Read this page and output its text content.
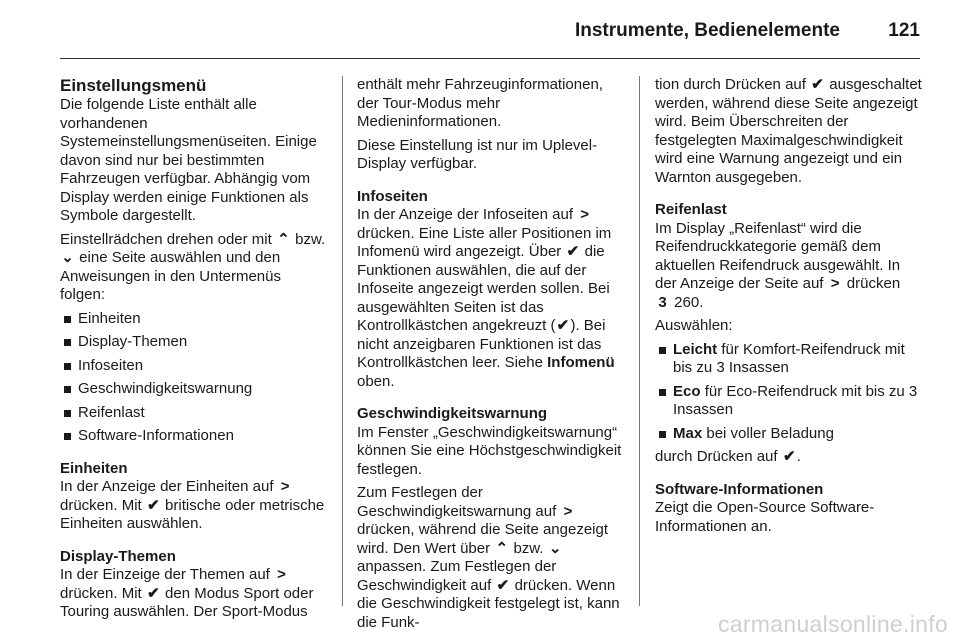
Instrumente, Bedienelemente	121
Einstellungsmenü

Die folgende Liste enthält alle vorhandenen Systemeinstellungsmenüseiten. Einige davon sind nur bei bestimmten Fahrzeugen verfügbar. Abhängig vom Display werden einige Funktionen als Symbole dargestellt.

Einstellrädchen drehen oder mit ⌃ bzw. ⌄ eine Seite auswählen und den Anweisungen in den Untermenüs folgen:

Einheiten
Display-Themen
Infoseiten
Geschwindigkeitswarnung
Reifenlast
Software-Informationen
Einheiten

In der Anzeige der Einheiten auf > drücken. Mit ✔ britische oder metrische Einheiten auswählen.

Display-Themen

In der Einzeige der Themen auf > drücken. Mit ✔ den Modus Sport oder Touring auswählen. Der Sport-Modus

enthält mehr Fahrzeuginformationen, der Tour-Modus mehr Medieninformationen.

Diese Einstellung ist nur im Uplevel-Display verfügbar.

Infoseiten

In der Anzeige der Infoseiten auf > drücken. Eine Liste aller Positionen im Infomenü wird angezeigt. Über ✔ die Funktionen auswählen, die auf der Infoseite angezeigt werden sollen. Bei ausgewählten Seiten ist das Kontrollkästchen angekreuzt (✔). Bei nicht anzeigbaren Funktionen ist das Kontrollkästchen leer. Siehe Infomenü oben.

Geschwindigkeitswarnung

Im Fenster „Geschwindigkeitswarnung“ können Sie eine Höchstgeschwindigkeit festlegen.

Zum Festlegen der Geschwindigkeitswarnung auf > drücken, während die Seite angezeigt wird. Den Wert über ⌃ bzw. ⌄ anpassen. Zum Festlegen der Geschwindigkeit auf ✔ drücken. Wenn die Geschwindigkeit festgelegt ist, kann die Funk-

tion durch Drücken auf ✔ ausgeschaltet werden, während diese Seite angezeigt wird. Beim Überschreiten der festgelegten Maximalgeschwindigkeit wird eine Warnung angezeigt und ein Warnton ausgegeben.

Reifenlast

Im Display „Reifenlast“ wird die Reifendruckkategorie gemäß dem aktuellen Reifendruck ausgewählt. In der Anzeige der Seite auf > drücken
3 260.

Auswählen:

Leicht für Komfort-Reifendruck mit bis zu 3 Insassen
Eco für Eco-Reifendruck mit bis zu 3 Insassen
Max bei voller Beladung

durch Drücken auf ✔.

Software-Informationen

Zeigt die Open-Source Software-Informationen an.

carmanualsonline.info
